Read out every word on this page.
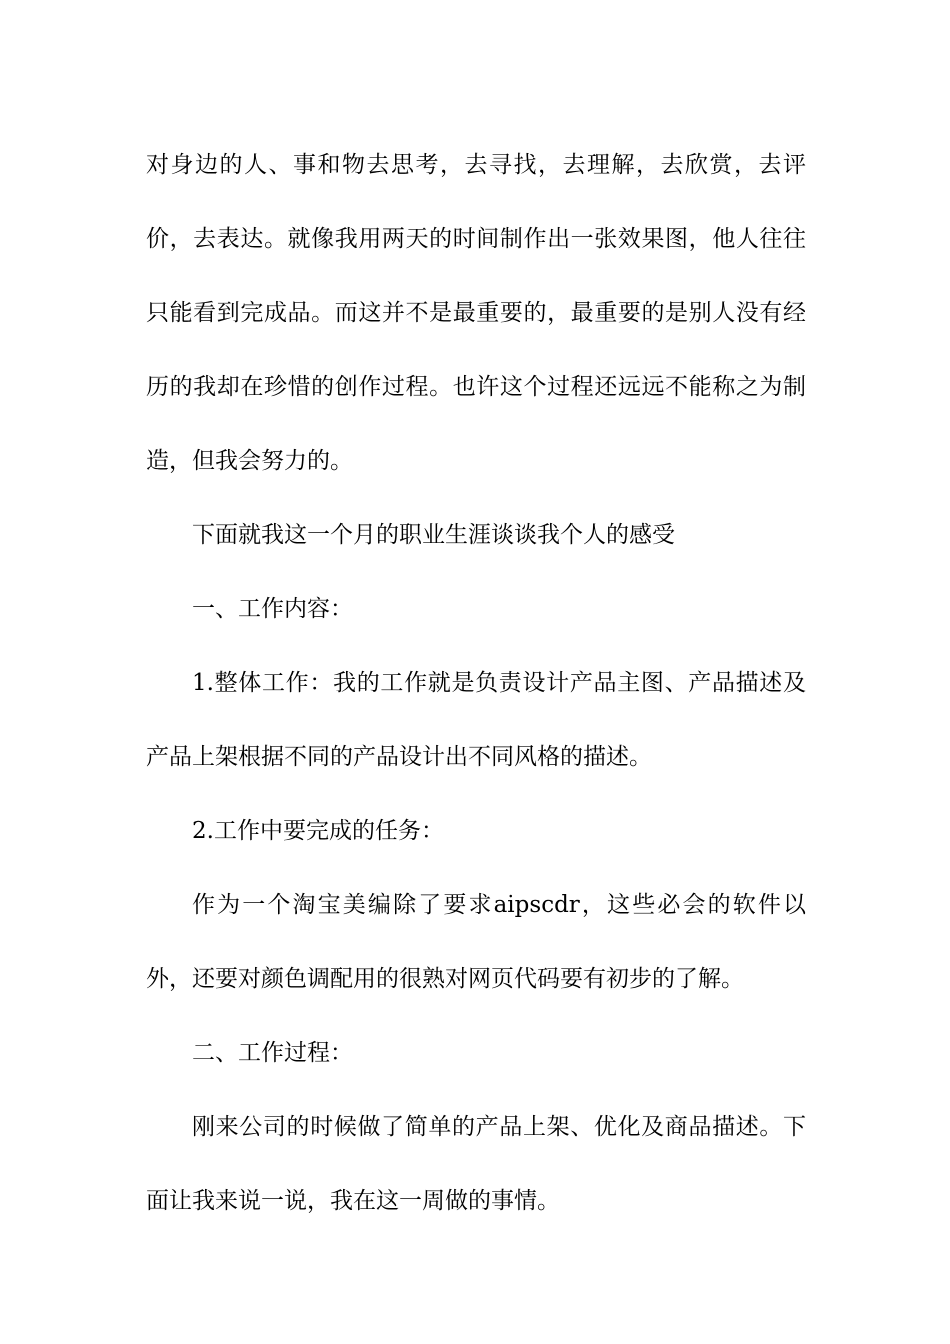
对身边的人、事和物去思考，去寻找，去理解，去欣赏，去评价，去表达。就像我用两天的时间制作出一张效果图，他人往往只能看到完成品。而这并不是最重要的，最重要的是别人没有经历的我却在珍惜的创作过程。也许这个过程还远远不能称之为制造，但我会努力的。

下面就我这一个月的职业生涯谈谈我个人的感受

一、工作内容：

1.整体工作：我的工作就是负责设计产品主图、产品描述及产品上架根据不同的产品设计出不同风格的描述。

2.工作中要完成的任务：

作为一个淘宝美编除了要求aipscdr，这些必会的软件以外，还要对颜色调配用的很熟对网页代码要有初步的了解。

二、工作过程：

刚来公司的时候做了简单的产品上架、优化及商品描述。下面让我来说一说，我在这一周做的事情。
